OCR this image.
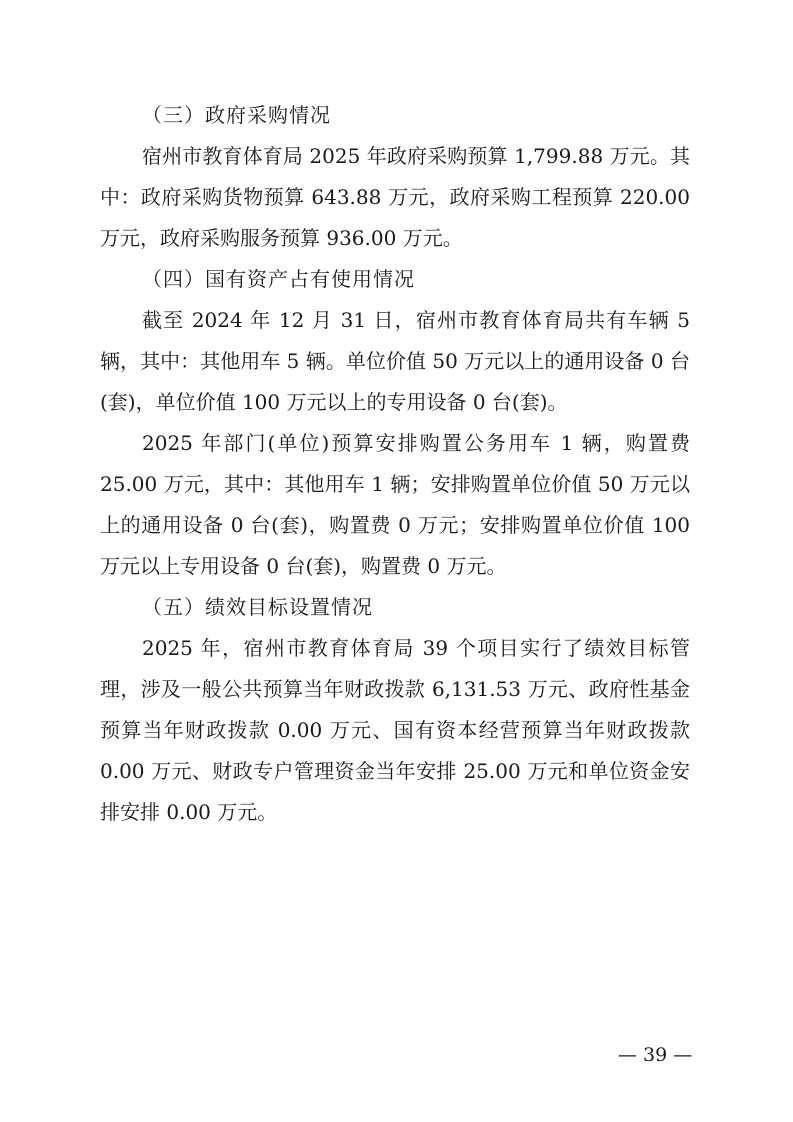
（三）政府采购情况

宿州市教育体育局 2025 年政府采购预算 1,799.88 万元。其中：政府采购货物预算 643.88 万元，政府采购工程预算 220.00 万元，政府采购服务预算 936.00 万元。

（四）国有资产占有使用情况

截至 2024 年 12 月 31 日，宿州市教育体育局共有车辆 5 辆，其中：其他用车 5 辆。单位价值 50 万元以上的通用设备 0 台(套)，单位价值 100 万元以上的专用设备 0 台(套)。

2025 年部门(单位)预算安排购置公务用车 1 辆，购置费 25.00 万元，其中：其他用车 1 辆；安排购置单位价值 50 万元以上的通用设备 0 台(套)，购置费 0 万元；安排购置单位价值 100 万元以上专用设备 0 台(套)，购置费 0 万元。

（五）绩效目标设置情况

2025 年，宿州市教育体育局 39 个项目实行了绩效目标管理，涉及一般公共预算当年财政拨款 6,131.53 万元、政府性基金预算当年财政拨款 0.00 万元、国有资本经营预算当年财政拨款 0.00 万元、财政专户管理资金当年安排 25.00 万元和单位资金安排安排 0.00 万元。

— 39 —
